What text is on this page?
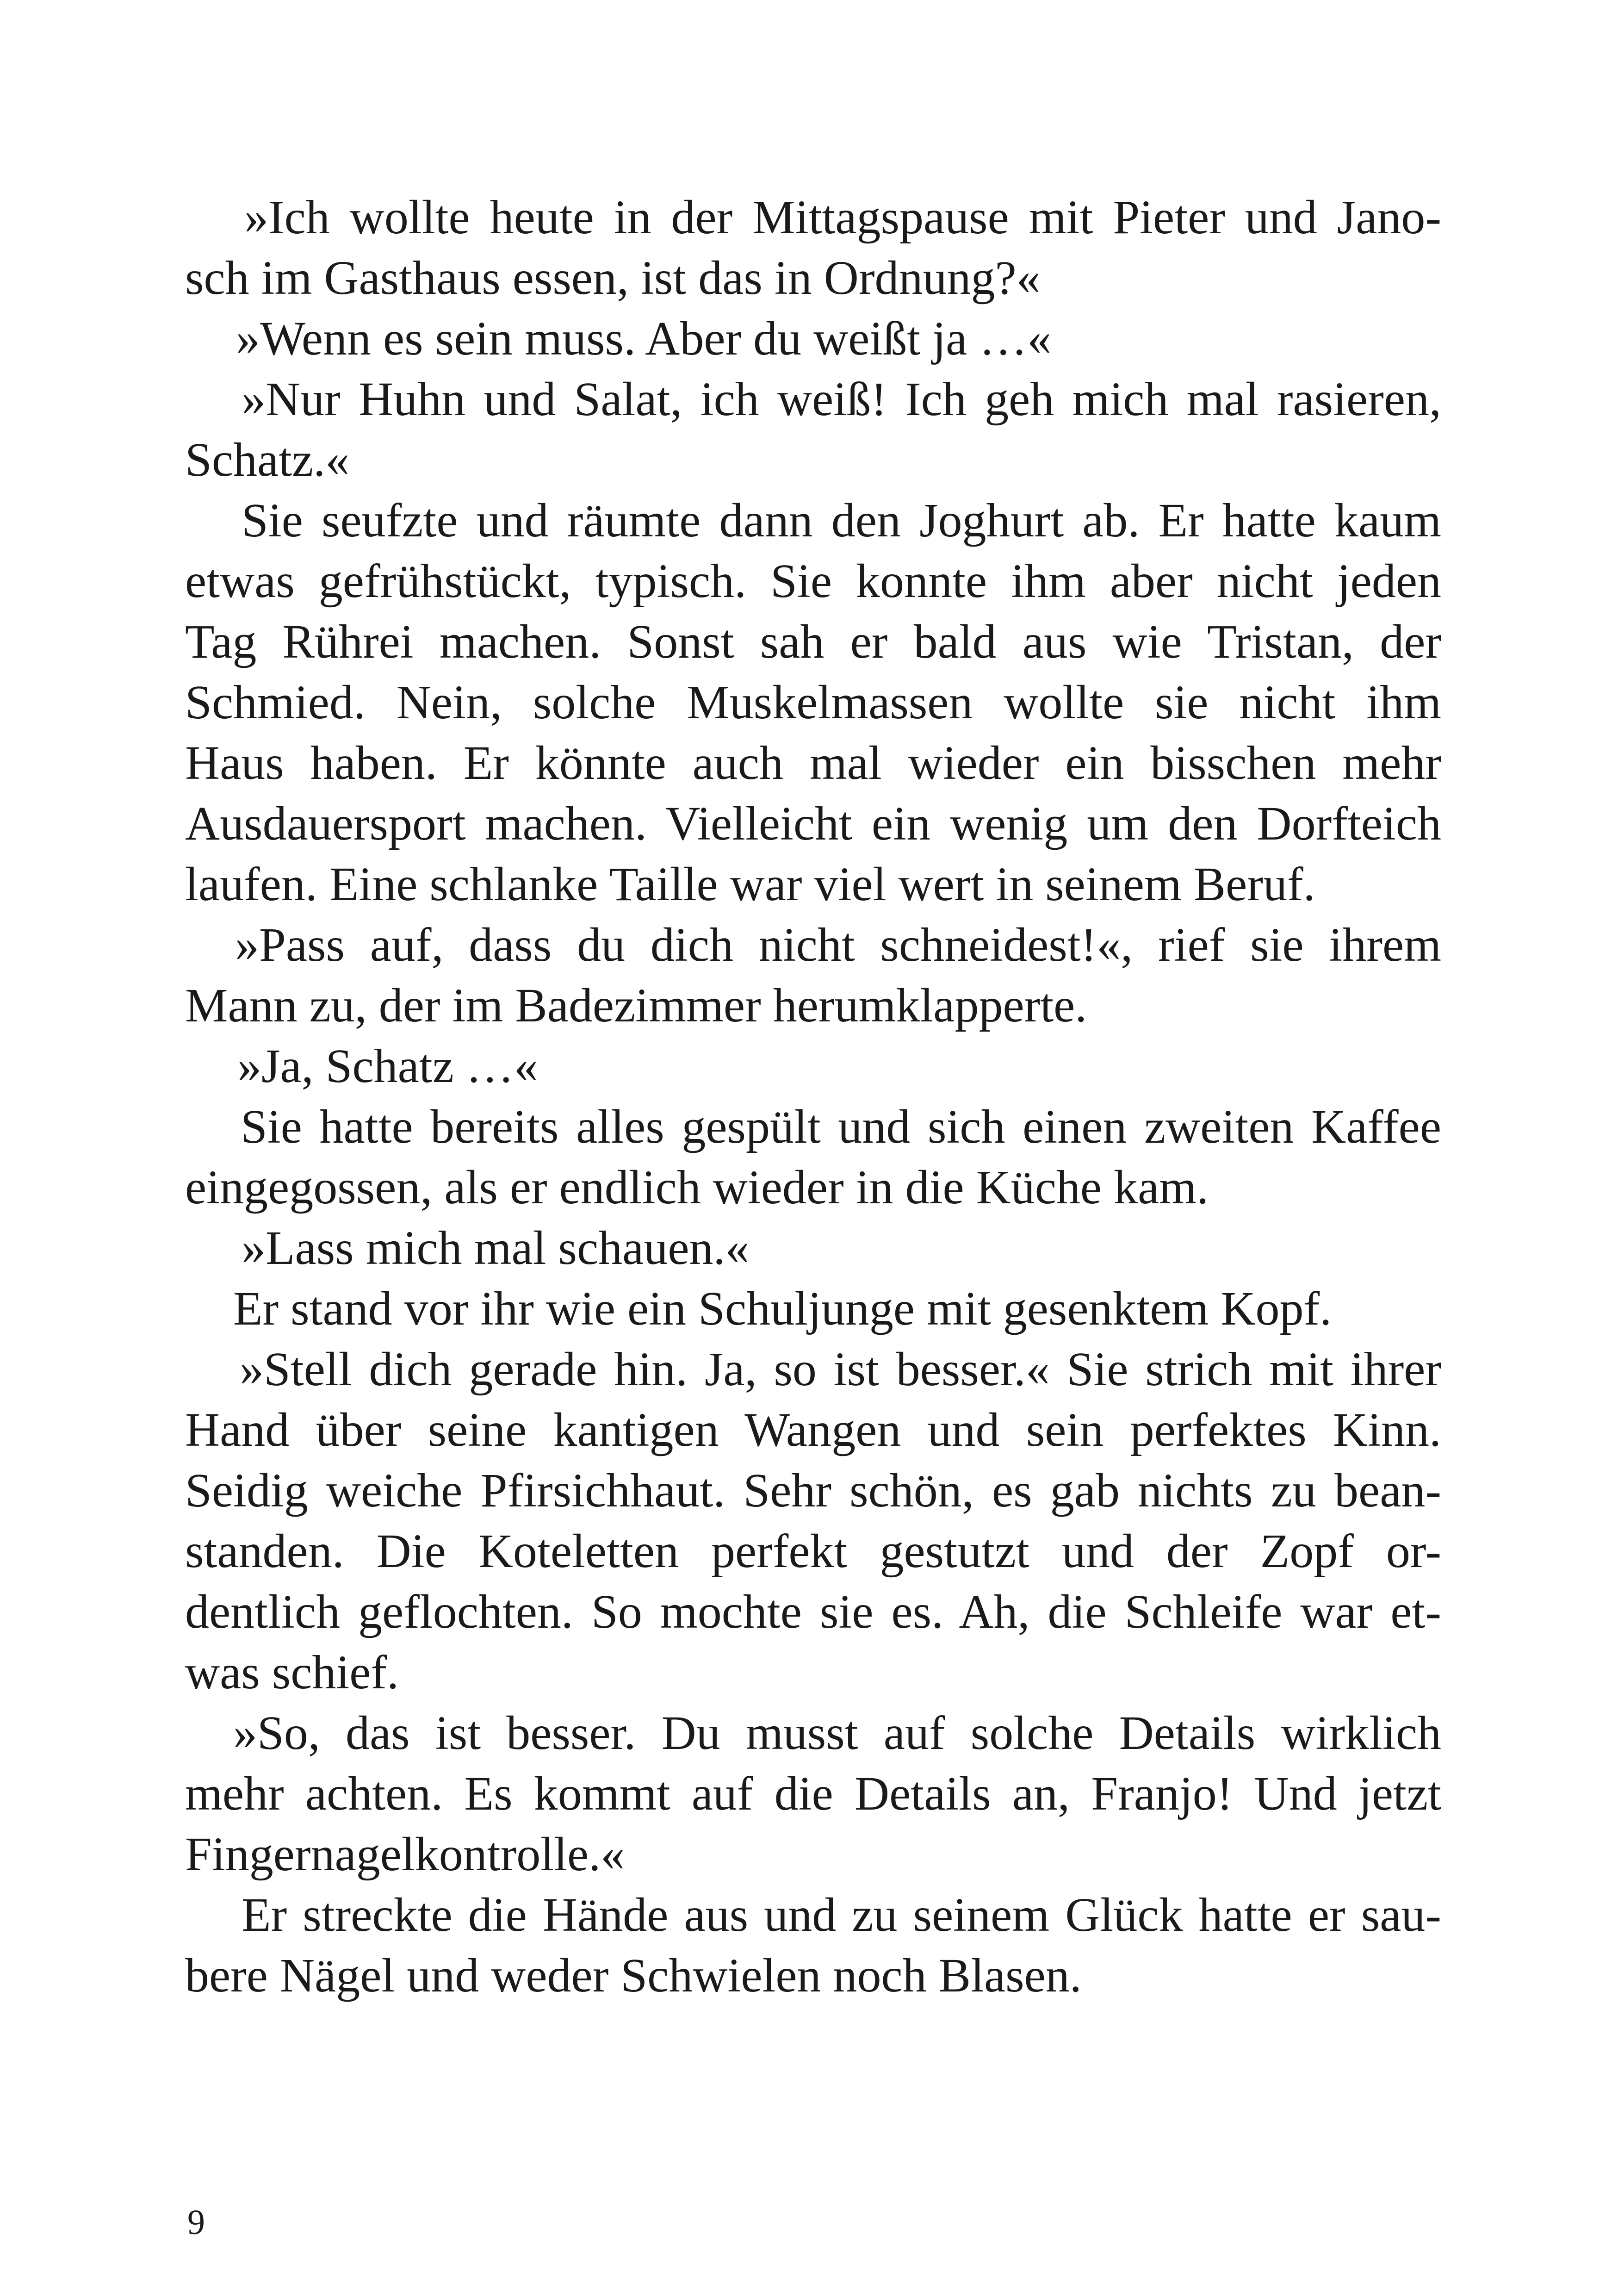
»Ich wollte heute in der Mittagspause mit Pieter und Jano-
sch im Gasthaus essen, ist das in Ordnung?«
»Wenn es sein muss. Aber du weißt ja …«
»Nur Huhn und Salat, ich weiß! Ich geh mich mal rasieren,
Schatz.«
Sie seufzte und räumte dann den Joghurt ab. Er hatte kaum
etwas gefrühstückt, typisch. Sie konnte ihm aber nicht jeden
Tag Rührei machen. Sonst sah er bald aus wie Tristan, der
Schmied. Nein, solche Muskelmassen wollte sie nicht ihm
Haus haben. Er könnte auch mal wieder ein bisschen mehr
Ausdauersport machen. Vielleicht ein wenig um den Dorfteich
laufen. Eine schlanke Taille war viel wert in seinem Beruf.
»Pass auf, dass du dich nicht schneidest!«, rief sie ihrem
Mann zu, der im Badezimmer herumklapperte.
»Ja, Schatz …«
Sie hatte bereits alles gespült und sich einen zweiten Kaffee
eingegossen, als er endlich wieder in die Küche kam.
»Lass mich mal schauen.«
Er stand vor ihr wie ein Schuljunge mit gesenktem Kopf.
»Stell dich gerade hin. Ja, so ist besser.« Sie strich mit ihrer
Hand über seine kantigen Wangen und sein perfektes Kinn.
Seidig weiche Pfirsichhaut. Sehr schön, es gab nichts zu bean-
standen. Die Koteletten perfekt gestutzt und der Zopf or-
dentlich geflochten. So mochte sie es. Ah, die Schleife war et-
was schief.
»So, das ist besser. Du musst auf solche Details wirklich
mehr achten. Es kommt auf die Details an, Franjo! Und jetzt
Fingernagelkontrolle.«
Er streckte die Hände aus und zu seinem Glück hatte er sau-
bere Nägel und weder Schwielen noch Blasen.
9
